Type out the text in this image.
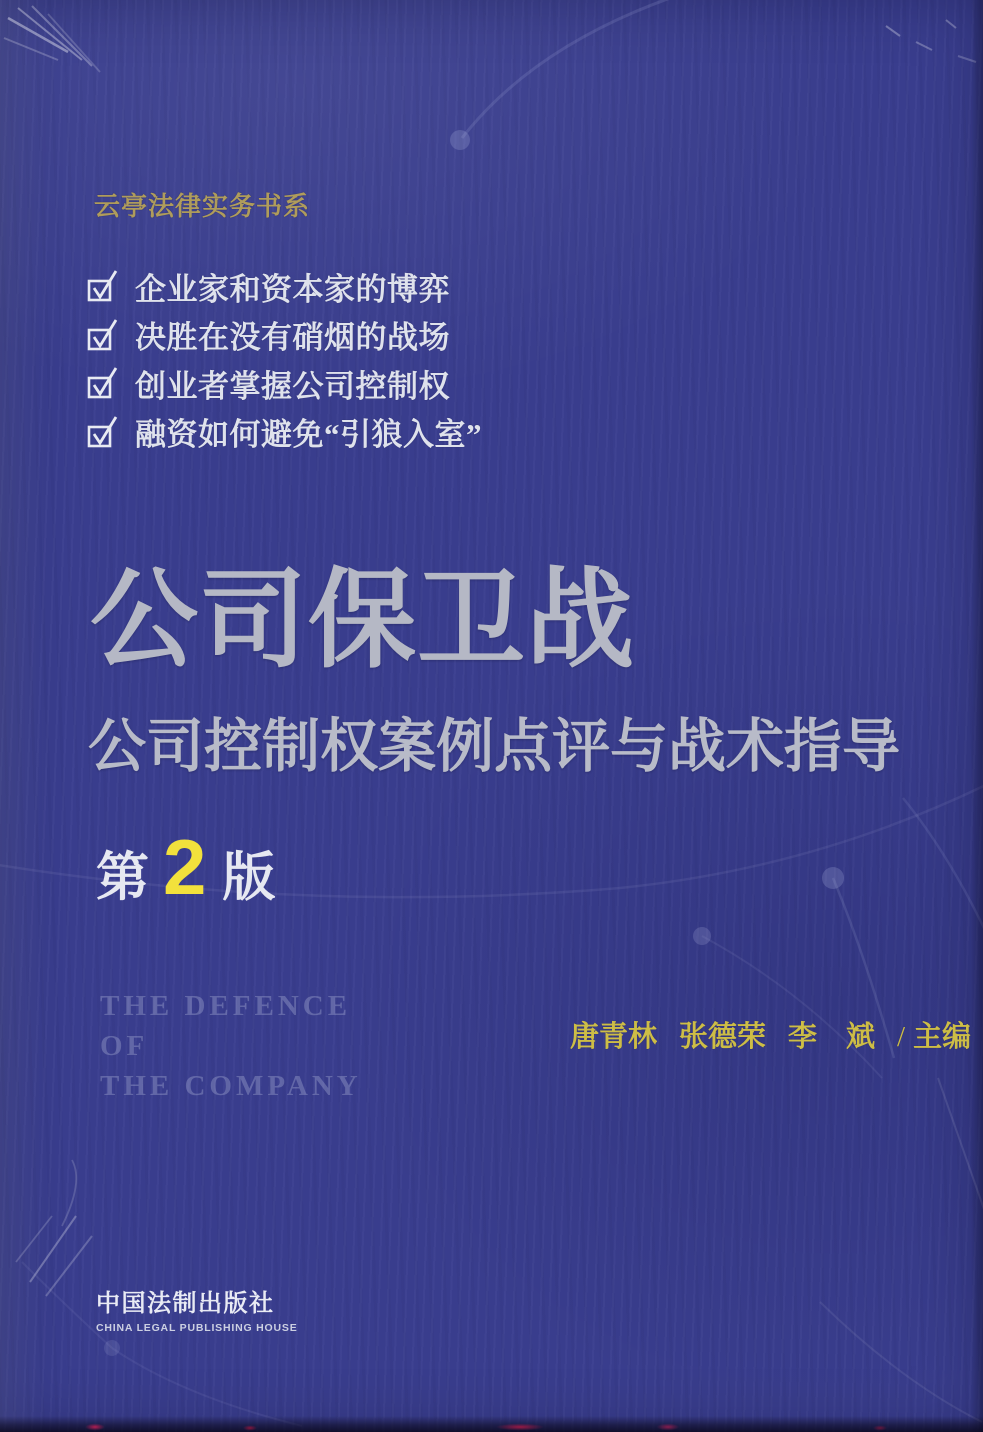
云亭法律实务书系
企业家和资本家的博弈
决胜在没有硝烟的战场
创业者掌握公司控制权
融资如何避免“引狼入室”
公司保卫战
公司控制权案例点评与战术指导
第 2 版
THE DEFENCE
OF
THE COMPANY
唐青林 张德荣 李　斌 / 主编
中国法制出版社
CHINA LEGAL PUBLISHING HOUSE
